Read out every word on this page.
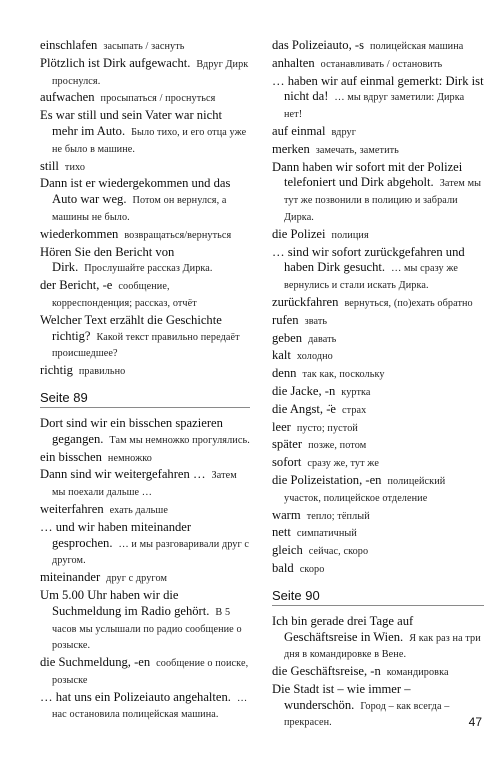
einschlafen засыпать / заснуть

Plötzlich ist Dirk aufgewacht. Вдруг Дирк проснулся.

aufwachen просыпаться / проснуться

Es war still und sein Vater war nicht mehr im Auto. Было тихо, и его отца уже не было в машине.

still тихо

Dann ist er wiedergekommen und das Auto war weg. Потом он вернулся, а машины не было.

wiederkommen возвращаться/вернуться

Hören Sie den Bericht von Dirk. Прослушайте рассказ Дирка.

der Bericht, -e сообщение, корреспонденция; рассказ, отчёт

Welcher Text erzählt die Geschichte richtig? Какой текст правильно передаёт происшедшее?

richtig правильно

Seite 89

Dort sind wir ein bisschen spazieren gegangen. Там мы немножко прогулялись.

ein bisschen немножко

Dann sind wir weitergefahren … Затем мы поехали дальше …

weiterfahren ехать дальше

… und wir haben miteinander gesprochen. … и мы разговаривали друг с другом.

miteinander друг с другом

Um 5.00 Uhr haben wir die Suchmeldung im Radio gehört. В 5 часов мы услышали по радио сообщение о розыске.

die Suchmeldung, -en сообщение о поиске, розыске

… hat uns ein Polizeiauto angehalten. … нас остановила полицейская машина.

das Polizeiauto, -s полицейская машина

anhalten останавливать / остановить

… haben wir auf einmal gemerkt: Dirk ist nicht da! … мы вдруг заметили: Дирка нет!

auf einmal вдруг

merken замечать, заметить

Dann haben wir sofort mit der Polizei telefoniert und Dirk abgeholt. Затем мы тут же позвонили в полицию и забрали Дирка.

die Polizei полиция

… sind wir sofort zurückgefahren und haben Dirk gesucht. … мы сразу же вернулись и стали искать Дирка.

zurückfahren вернуться, (по)ехать обратно

rufen звать

geben давать

kalt холодно

denn так как, поскольку

die Jacke, -n куртка

die Angst, -̈e страх

leer пусто; пустой

später позже, потом

sofort сразу же, тут же

die Polizeistation, -en полицейский участок, полицейское отделение

warm тепло; тёплый

nett симпатичный

gleich сейчас, скоро

bald скоро

Seite 90

Ich bin gerade drei Tage auf Geschäftsreise in Wien. Я как раз на три дня в командировке в Вене.

die Geschäftsreise, -n командировка

Die Stadt ist – wie immer – wunderschön. Город – как всегда – прекрасен.	47
